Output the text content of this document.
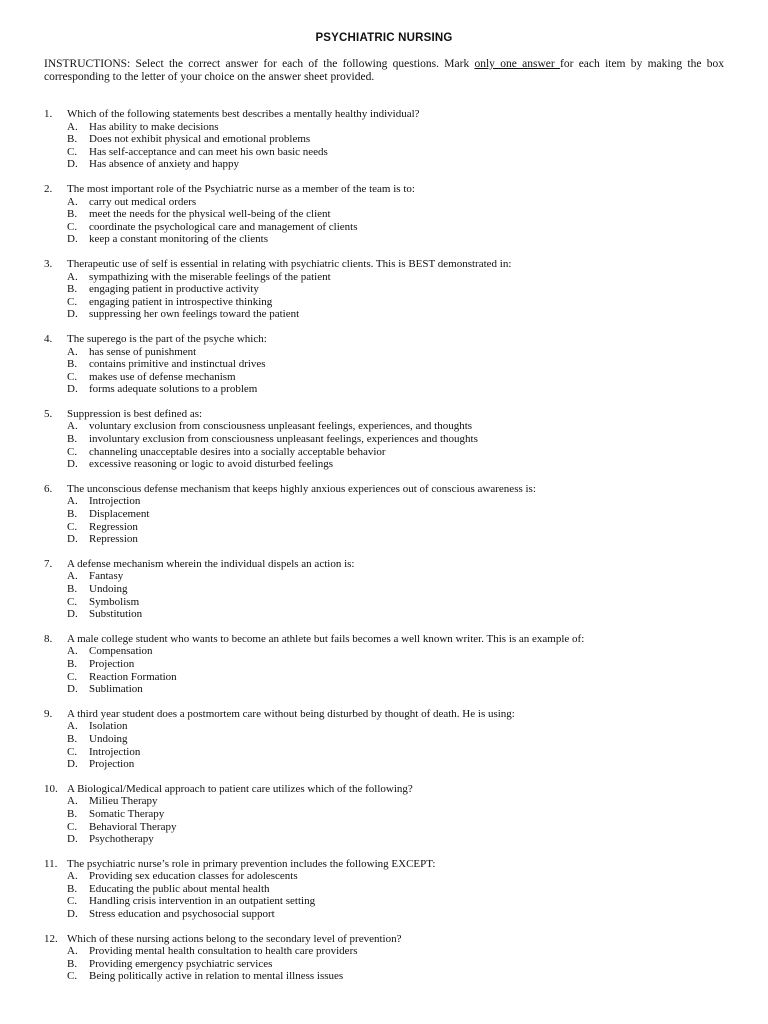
PSYCHIATRIC NURSING
INSTRUCTIONS: Select the correct answer for each of the following questions. Mark only one answer for each item by making the box corresponding to the letter of your choice on the answer sheet provided.
1.	Which of the following statements best describes a mentally healthy individual?
A.	Has ability to make decisions
B.	Does not exhibit physical and emotional problems
C.	Has self-acceptance and can meet his own basic needs
D.	Has absence of anxiety and happy
2.	The most important role of the Psychiatric nurse as a member of the team is to:
A.	carry out medical orders
B.	meet the needs for the physical well-being of the client
C.	coordinate the psychological care and management of clients
D.	keep a constant monitoring of the clients
3.	Therapeutic use of self is essential in relating with psychiatric clients. This is BEST demonstrated in:
A.	sympathizing with the miserable feelings of the patient
B.	engaging patient in productive activity
C.	engaging patient in introspective thinking
D.	suppressing her own feelings toward the patient
4.	The superego is the part of the psyche which:
A.	has sense of punishment
B.	contains primitive and instinctual drives
C.	makes use of defense mechanism
D.	forms adequate solutions to a problem
5.	Suppression is best defined as:
A.	voluntary exclusion from consciousness unpleasant feelings, experiences, and thoughts
B.	involuntary exclusion from consciousness unpleasant feelings, experiences and thoughts
C.	channeling unacceptable desires into a socially acceptable behavior
D.	excessive reasoning or logic to avoid disturbed feelings
6.	The unconscious defense mechanism that keeps highly anxious experiences out of conscious awareness is:
A.	Introjection
B.	Displacement
C.	Regression
D.	Repression
7.	A defense mechanism wherein the individual dispels an action is:
A.	Fantasy
B.	Undoing
C.	Symbolism
D.	Substitution
8.	A male college student who wants to become an athlete but fails becomes a well known writer. This is an example of:
A.	Compensation
B.	Projection
C.	Reaction Formation
D.	Sublimation
9.	A third year student does a postmortem care without being disturbed by thought of death. He is using:
A.	Isolation
B.	Undoing
C.	Introjection
D.	Projection
10. A Biological/Medical approach to patient care utilizes which of the following?
A.	Milieu Therapy
B.	Somatic Therapy
C.	Behavioral Therapy
D.	Psychotherapy
11. The psychiatric nurse’s role in primary prevention includes the following EXCEPT:
A.	Providing sex education classes for adolescents
B.	Educating the public about mental health
C.	Handling crisis intervention in an outpatient setting
D.	Stress education and psychosocial support
12. Which of these nursing actions belong to the secondary level of prevention?
A.	Providing mental health consultation to health care providers
B.	Providing emergency psychiatric services
C.	Being politically active in relation to mental illness issues
